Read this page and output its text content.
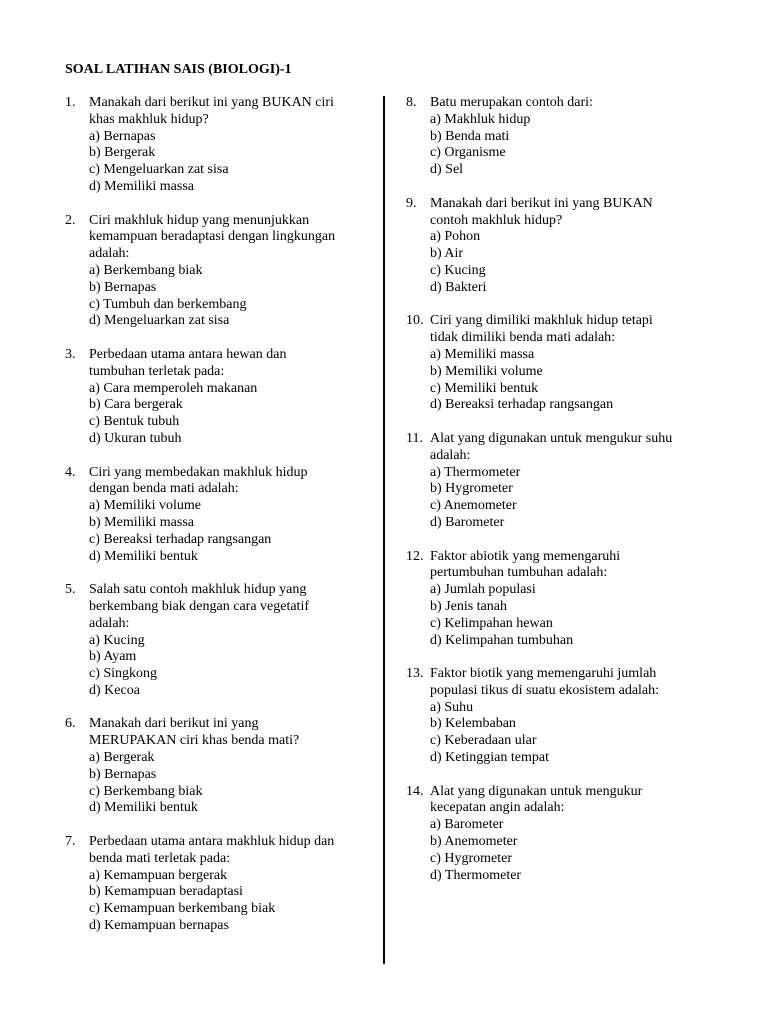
SOAL LATIHAN SAIS (BIOLOGI)-1
1. Manakah dari berikut ini yang BUKAN ciri
khas makhluk hidup?
a) Bernapas
b) Bergerak
c) Mengeluarkan zat sisa
d) Memiliki massa
2. Ciri makhluk hidup yang menunjukkan
kemampuan beradaptasi dengan lingkungan
adalah:
a) Berkembang biak
b) Bernapas
c) Tumbuh dan berkembang
d) Mengeluarkan zat sisa
3. Perbedaan utama antara hewan dan
tumbuhan terletak pada:
a) Cara memperoleh makanan
b) Cara bergerak
c) Bentuk tubuh
d) Ukuran tubuh
4. Ciri yang membedakan makhluk hidup
dengan benda mati adalah:
a) Memiliki volume
b) Memiliki massa
c) Bereaksi terhadap rangsangan
d) Memiliki bentuk
5. Salah satu contoh makhluk hidup yang
berkembang biak dengan cara vegetatif
adalah:
a) Kucing
b) Ayam
c) Singkong
d) Kecoa
6. Manakah dari berikut ini yang
MERUPAKAN ciri khas benda mati?
a) Bergerak
b) Bernapas
c) Berkembang biak
d) Memiliki bentuk
7. Perbedaan utama antara makhluk hidup dan
benda mati terletak pada:
a) Kemampuan bergerak
b) Kemampuan beradaptasi
c) Kemampuan berkembang biak
d) Kemampuan bernapas
8. Batu merupakan contoh dari:
a) Makhluk hidup
b) Benda mati
c) Organisme
d) Sel
9. Manakah dari berikut ini yang BUKAN
contoh makhluk hidup?
a) Pohon
b) Air
c) Kucing
d) Bakteri
10. Ciri yang dimiliki makhluk hidup tetapi
tidak dimiliki benda mati adalah:
a) Memiliki massa
b) Memiliki volume
c) Memiliki bentuk
d) Bereaksi terhadap rangsangan
11. Alat yang digunakan untuk mengukur suhu
adalah:
a) Thermometer
b) Hygrometer
c) Anemometer
d) Barometer
12. Faktor abiotik yang memengaruhi
pertumbuhan tumbuhan adalah:
a) Jumlah populasi
b) Jenis tanah
c) Kelimpahan hewan
d) Kelimpahan tumbuhan
13. Faktor biotik yang memengaruhi jumlah
populasi tikus di suatu ekosistem adalah:
a) Suhu
b) Kelembaban
c) Keberadaan ular
d) Ketinggian tempat
14. Alat yang digunakan untuk mengukur
kecepatan angin adalah:
a) Barometer
b) Anemometer
c) Hygrometer
d) Thermometer
